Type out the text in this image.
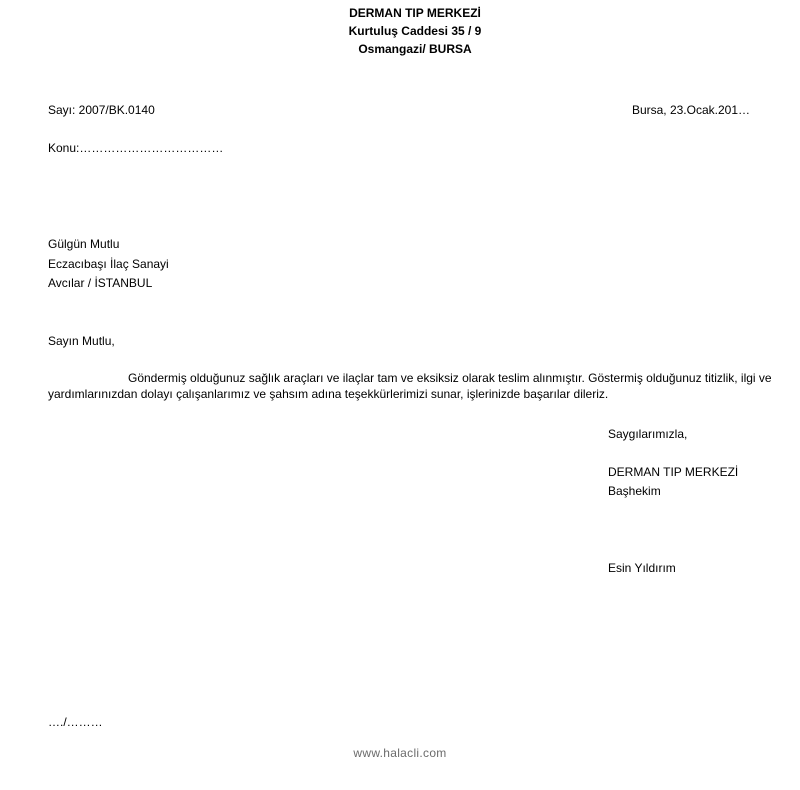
DERMAN TIP MERKEZİ
Kurtuluş Caddesi 35 / 9
Osmangazi/ BURSA
Sayı: 2007/BK.0140	Bursa, 23.Ocak.201…
Konu:………………………………
Gülgün Mutlu
Eczacıbaşı İlaç Sanayi
Avcılar / İSTANBUL
Sayın Mutlu,
Göndermiş olduğunuz sağlık araçları ve ilaçlar tam ve eksiksiz olarak teslim alınmıştır. Göstermiş olduğunuz titizlik, ilgi ve yardımlarınızdan dolayı çalışanlarımız ve şahsım adına teşekkürlerimizi sunar, işlerinizde başarılar dileriz.
Saygılarımızla,
DERMAN TIP MERKEZİ
Başhekim
Esin Yıldırım
…./………
www.halacli.com
